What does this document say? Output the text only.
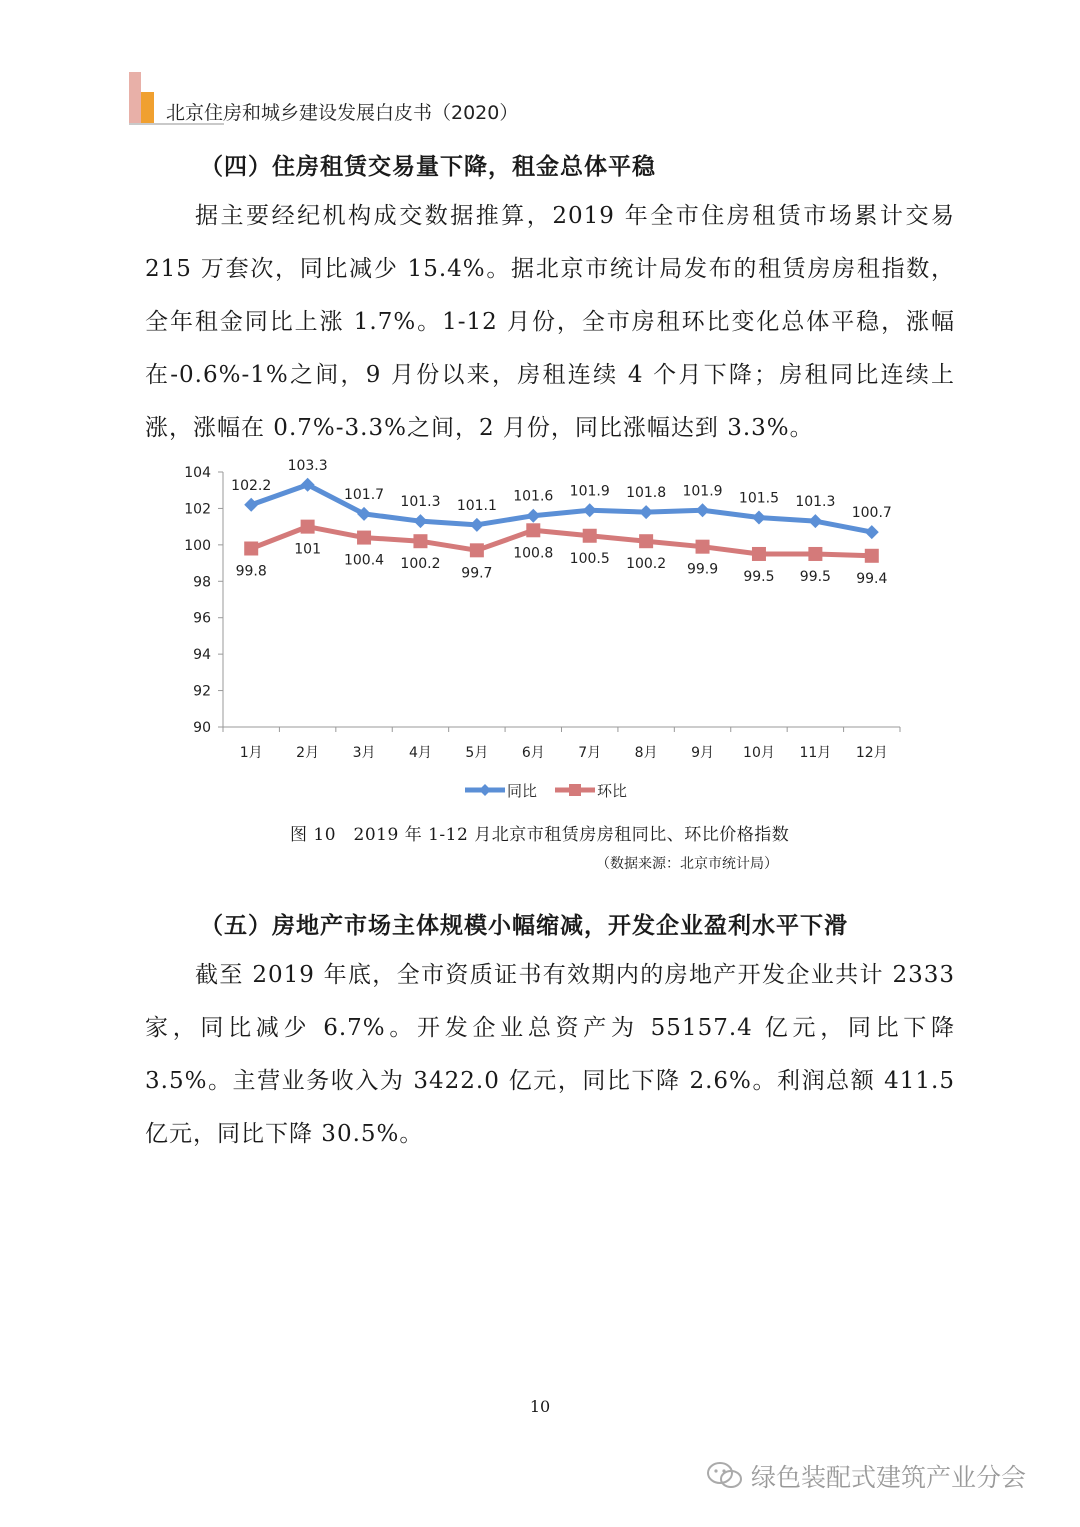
北京住房和城乡建设发展白皮书（2020）
（四）住房租赁交易量下降，租金总体平稳

据主要经纪机构成交数据推算，2019 年全市住房租赁市场累计交易 215 万套次，同比减少 15.4%。据北京市统计局发布的租赁房房租指数，全年租金同比上涨 1.7%。1-12 月份，全市房租环比变化总体平稳，涨幅在-0.6%-1%之间，9 月份以来，房租连续 4 个月下降；房租同比连续上涨，涨幅在 0.7%-3.3%之间，2 月份，同比涨幅达到 3.3%。

90
92
94
96
98
100
102
104
1月 2月 3月 4月 5月 6月 7月 8月 9月 10月 11月 12月
102.2
103.3
101.7 101.3 101.1
101.6 101.9 101.8 101.9 101.5 101.3
100.7
99.8
101
100.4 100.2
99.7
100.8 100.5 100.2 99.9 99.5 99.5 99.4
同比	环比
图 10　2019 年 1-12 月北京市租赁房房租同比、环比价格指数
（数据来源：北京市统计局）
（五）房地产市场主体规模小幅缩减，开发企业盈利水平下滑

截至 2019 年底，全市资质证书有效期内的房地产开发企业共计 2333 家，同比减少 6.7%。开发企业总资产为 55157.4 亿元，同比下降 3.5%。主营业务收入为 3422.0 亿元，同比下降 2.6%。利润总额 411.5 亿元，同比下降 30.5%。

10
绿色装配式建筑产业分会
